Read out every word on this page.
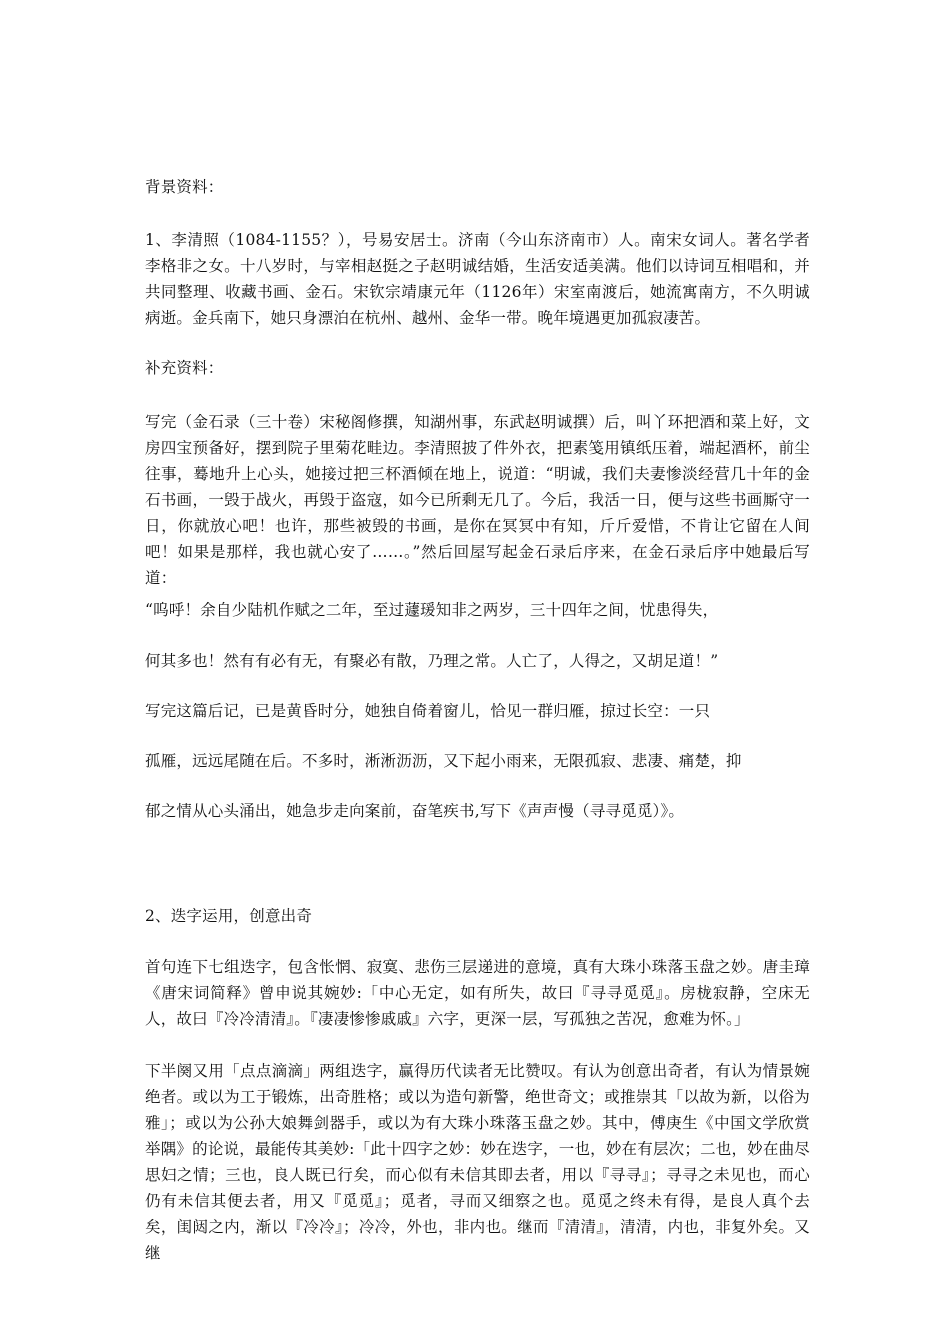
背景资料：

1、李清照（1084-1155？），号易安居士。济南（今山东济南市）人。南宋女词人。著名学者李格非之女。十八岁时，与宰相赵挺之子赵明诚结婚，生活安适美满。他们以诗词互相唱和，并共同整理、收藏书画、金石。宋钦宗靖康元年（1126年）宋室南渡后，她流寓南方，不久明诚病逝。金兵南下，她只身漂泊在杭州、越州、金华一带。晚年境遇更加孤寂凄苦。

补充资料：

写完（金石录（三十卷）宋秘阁修撰，知湖州事，东武赵明诚撰）后，叫丫环把酒和菜上好，文房四宝预备好，摆到院子里菊花畦边。李清照披了件外衣，把素笺用镇纸压着，端起酒杯，前尘往事，蓦地升上心头，她接过把三杯酒倾在地上，说道：“明诚，我们夫妻惨淡经营几十年的金石书画，一毁于战火，再毁于盗寇，如今已所剩无几了。今后，我活一日，便与这些书画厮守一日，你就放心吧！也许，那些被毁的书画，是你在冥冥中有知，斤斤爱惜，不肯让它留在人间吧！如果是那样，我也就心安了……。”然后回屋写起金石录后序来，在金石录后序中她最后写道：

“呜呼！余自少陆机作赋之二年，至过蘧瑗知非之两岁，三十四年之间，忧患得失，

何其多也！然有有必有无，有聚必有散，乃理之常。人亡了，人得之，又胡足道！”

写完这篇后记，已是黄昏时分，她独自倚着窗儿，恰见一群归雁，掠过长空：一只

孤雁，远远尾随在后。不多时，淅淅沥沥，又下起小雨来，无限孤寂、悲凄、痛楚，抑

郁之情从心头涌出，她急步走向案前，奋笔疾书,写下《声声慢（寻寻觅觅）》。

2、迭字运用，创意出奇

首句连下七组迭字，包含怅惘、寂寞、悲伤三层递进的意境，真有大珠小珠落玉盘之妙。唐圭璋《唐宋词简释》曾申说其婉妙:「中心无定，如有所失，故曰『寻寻觅觅』。房栊寂静，空床无人，故曰『冷冷清清』。『凄凄惨惨戚戚』六字，更深一层，写孤独之苦况，愈难为怀。」

下半阕又用「点点滴滴」两组迭字，赢得历代读者无比赞叹。有认为创意出奇者，有认为情景婉绝者。或以为工于锻炼，出奇胜格；或以为造句新警，绝世奇文；或推崇其「以故为新，以俗为雅」；或以为公孙大娘舞剑器手，或以为有大珠小珠落玉盘之妙。其中，傅庚生《中国文学欣赏举隅》的论说，最能传其美妙:「此十四字之妙：妙在迭字，一也，妙在有层次；二也，妙在曲尽思妇之情；三也，良人既已行矣，而心似有未信其即去者，用以『寻寻』；寻寻之未见也，而心仍有未信其便去者，用又『觅觅』；觅者，寻而又细察之也。觅觅之终未有得，是良人真个去矣，闺闼之内，渐以『冷冷』；冷冷，外也，非内也。继而『清清』，清清，内也，非复外矣。又继
